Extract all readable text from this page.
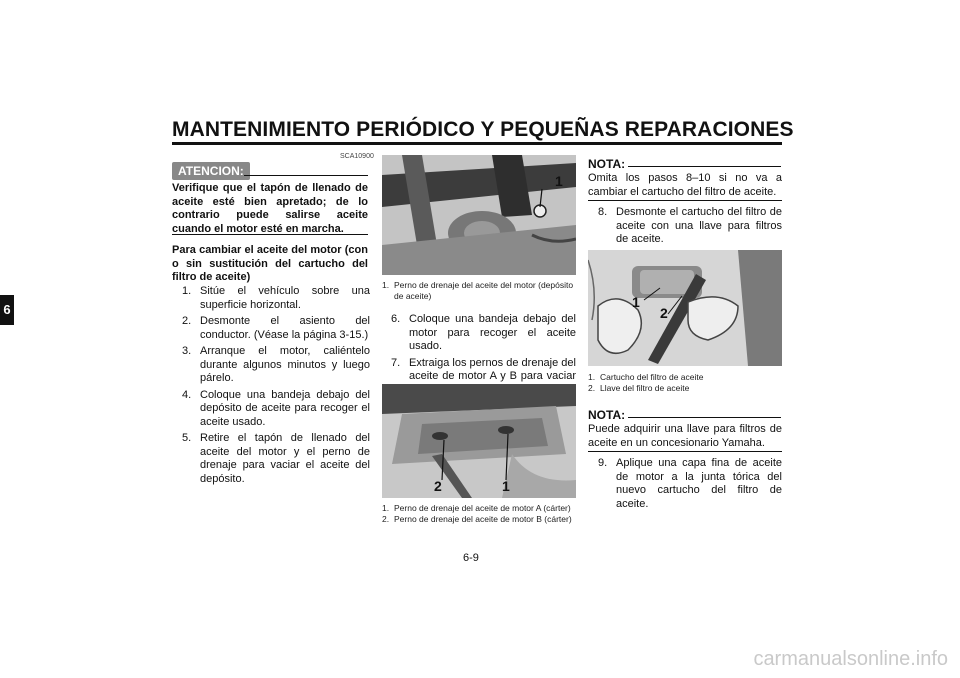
MANTENIMIENTO PERIÓDICO Y PEQUEÑAS REPARACIONES
6
ATENCION:
SCA10900
Verifique que el tapón de llenado de aceite esté bien apretado; de lo contrario puede salirse aceite cuando el motor esté en marcha.
Para cambiar el aceite del motor (con o sin sustitución del cartucho del filtro de aceite)
1. Sitúe el vehículo sobre una superficie horizontal.
2. Desmonte el asiento del conductor. (Véase la página 3-15.)
3. Arranque el motor, caliéntelo durante algunos minutos y luego párelo.
4. Coloque una bandeja debajo del depósito de aceite para recoger el aceite usado.
5. Retire el tapón de llenado del aceite del motor y el perno de drenaje para vaciar el aceite del depósito.
1
1. Perno de drenaje del aceite del motor (depósito de aceite)
6. Coloque una bandeja debajo del motor para recoger el aceite usado.
7. Extraiga los pernos de drenaje del aceite de motor A y B para vaciar
2	1
1. Perno de drenaje del aceite de motor A (cárter)
2. Perno de drenaje del aceite de motor B (cárter)
NOTA:
Omita los pasos 8–10 si no va a cambiar el cartucho del filtro de aceite.
8. Desmonte el cartucho del filtro de aceite con una llave para filtros de aceite.
1
2
1. Cartucho del filtro de aceite
2. Llave del filtro de aceite
NOTA:
Puede adquirir una llave para filtros de aceite en un concesionario Yamaha.
9. Aplique una capa fina de aceite de motor a la junta tórica del nuevo cartucho del filtro de aceite.
6-9
carmanualsonline.info
